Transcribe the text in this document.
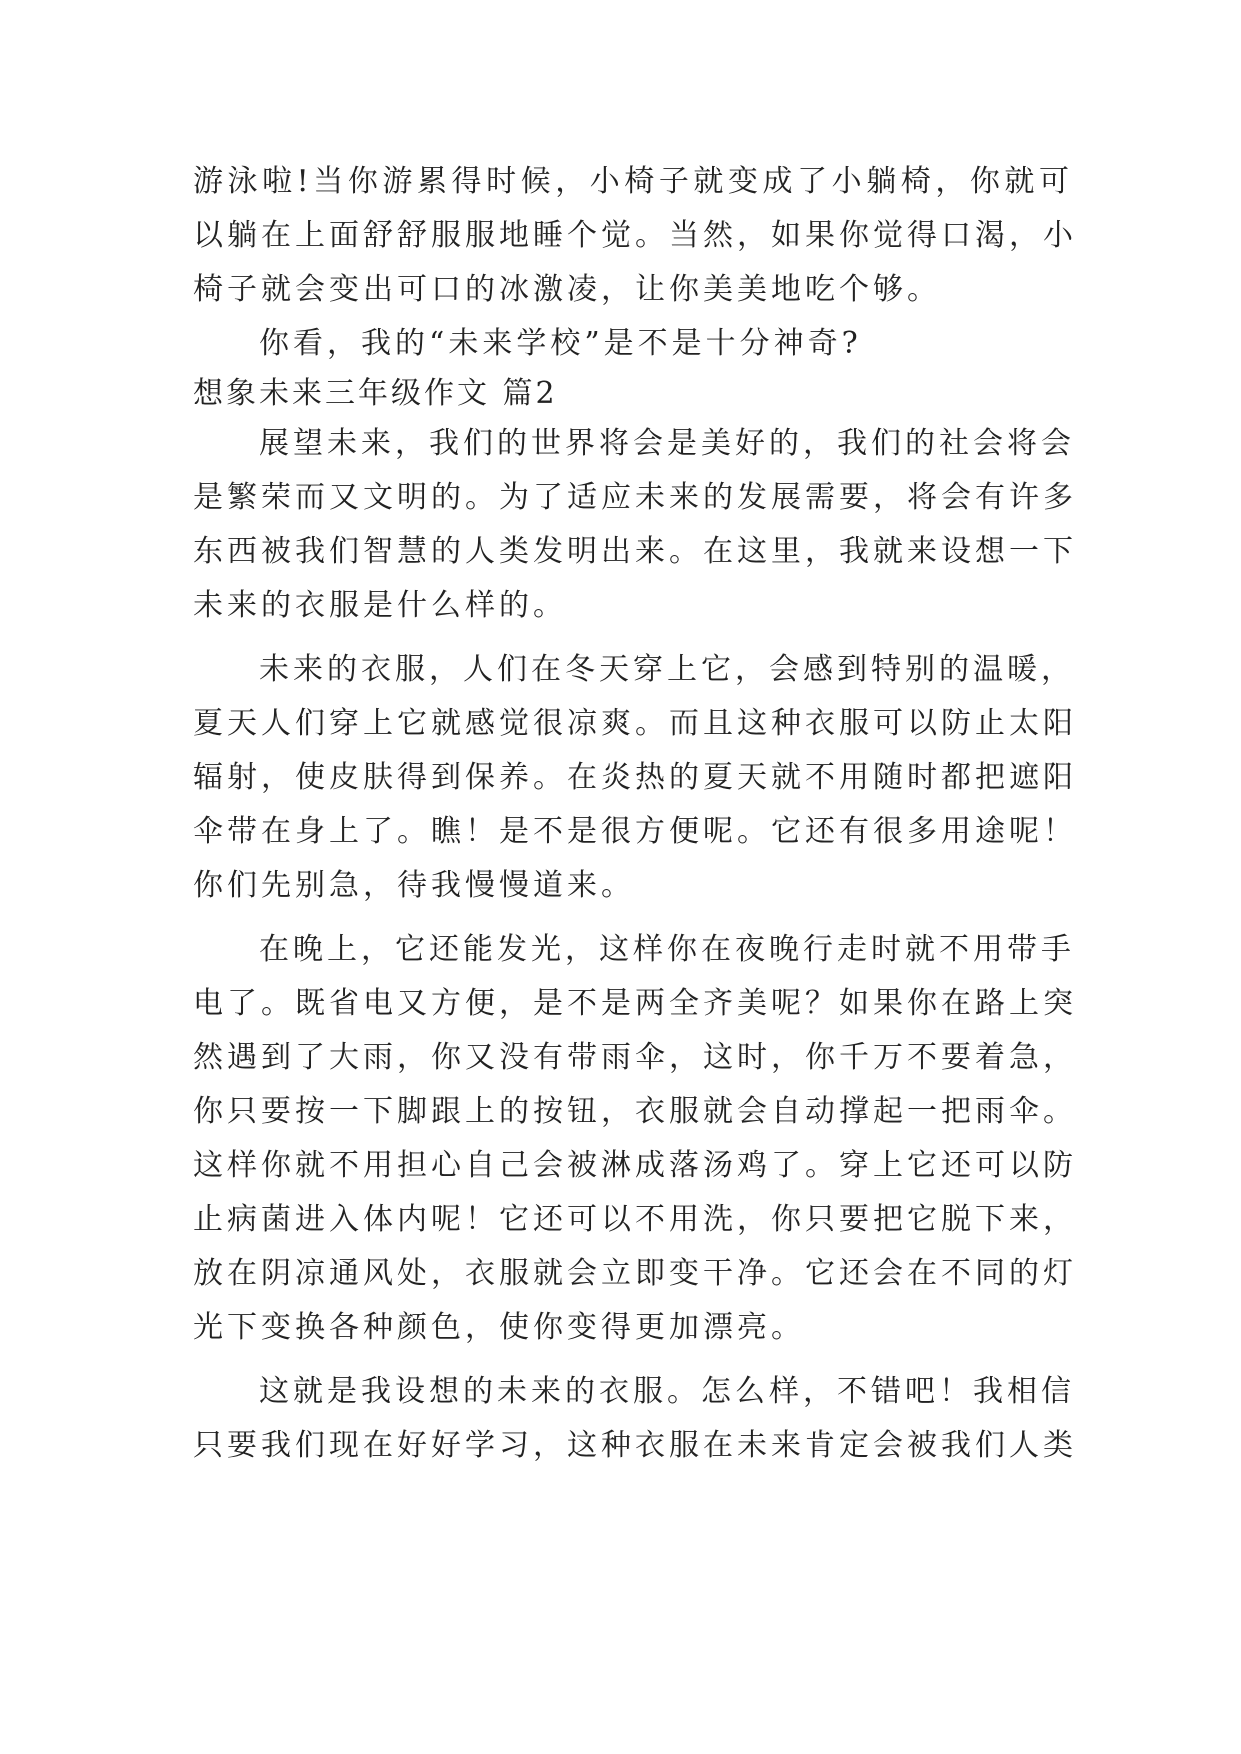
游泳啦!当你游累得时候，小椅子就变成了小躺椅，你就可

以躺在上面舒舒服服地睡个觉。当然，如果你觉得口渴，小

椅子就会变出可口的冰激凌，让你美美地吃个够。

你看，我的“未来学校”是不是十分神奇?

想象未来三年级作文 篇2

展望未来，我们的世界将会是美好的，我们的社会将会

是繁荣而又文明的。为了适应未来的发展需要，将会有许多

东西被我们智慧的人类发明出来。在这里，我就来设想一下

未来的衣服是什么样的。

未来的衣服，人们在冬天穿上它，会感到特别的温暖，

夏天人们穿上它就感觉很凉爽。而且这种衣服可以防止太阳

辐射，使皮肤得到保养。在炎热的夏天就不用随时都把遮阳

伞带在身上了。瞧！是不是很方便呢。它还有很多用途呢！

你们先别急，待我慢慢道来。

在晚上，它还能发光，这样你在夜晚行走时就不用带手

电了。既省电又方便，是不是两全齐美呢？如果你在路上突

然遇到了大雨，你又没有带雨伞，这时，你千万不要着急，

你只要按一下脚跟上的按钮，衣服就会自动撑起一把雨伞。

这样你就不用担心自己会被淋成落汤鸡了。穿上它还可以防

止病菌进入体内呢！它还可以不用洗，你只要把它脱下来，

放在阴凉通风处，衣服就会立即变干净。它还会在不同的灯

光下变换各种颜色，使你变得更加漂亮。

这就是我设想的未来的衣服。怎么样，不错吧！我相信

只要我们现在好好学习，这种衣服在未来肯定会被我们人类
